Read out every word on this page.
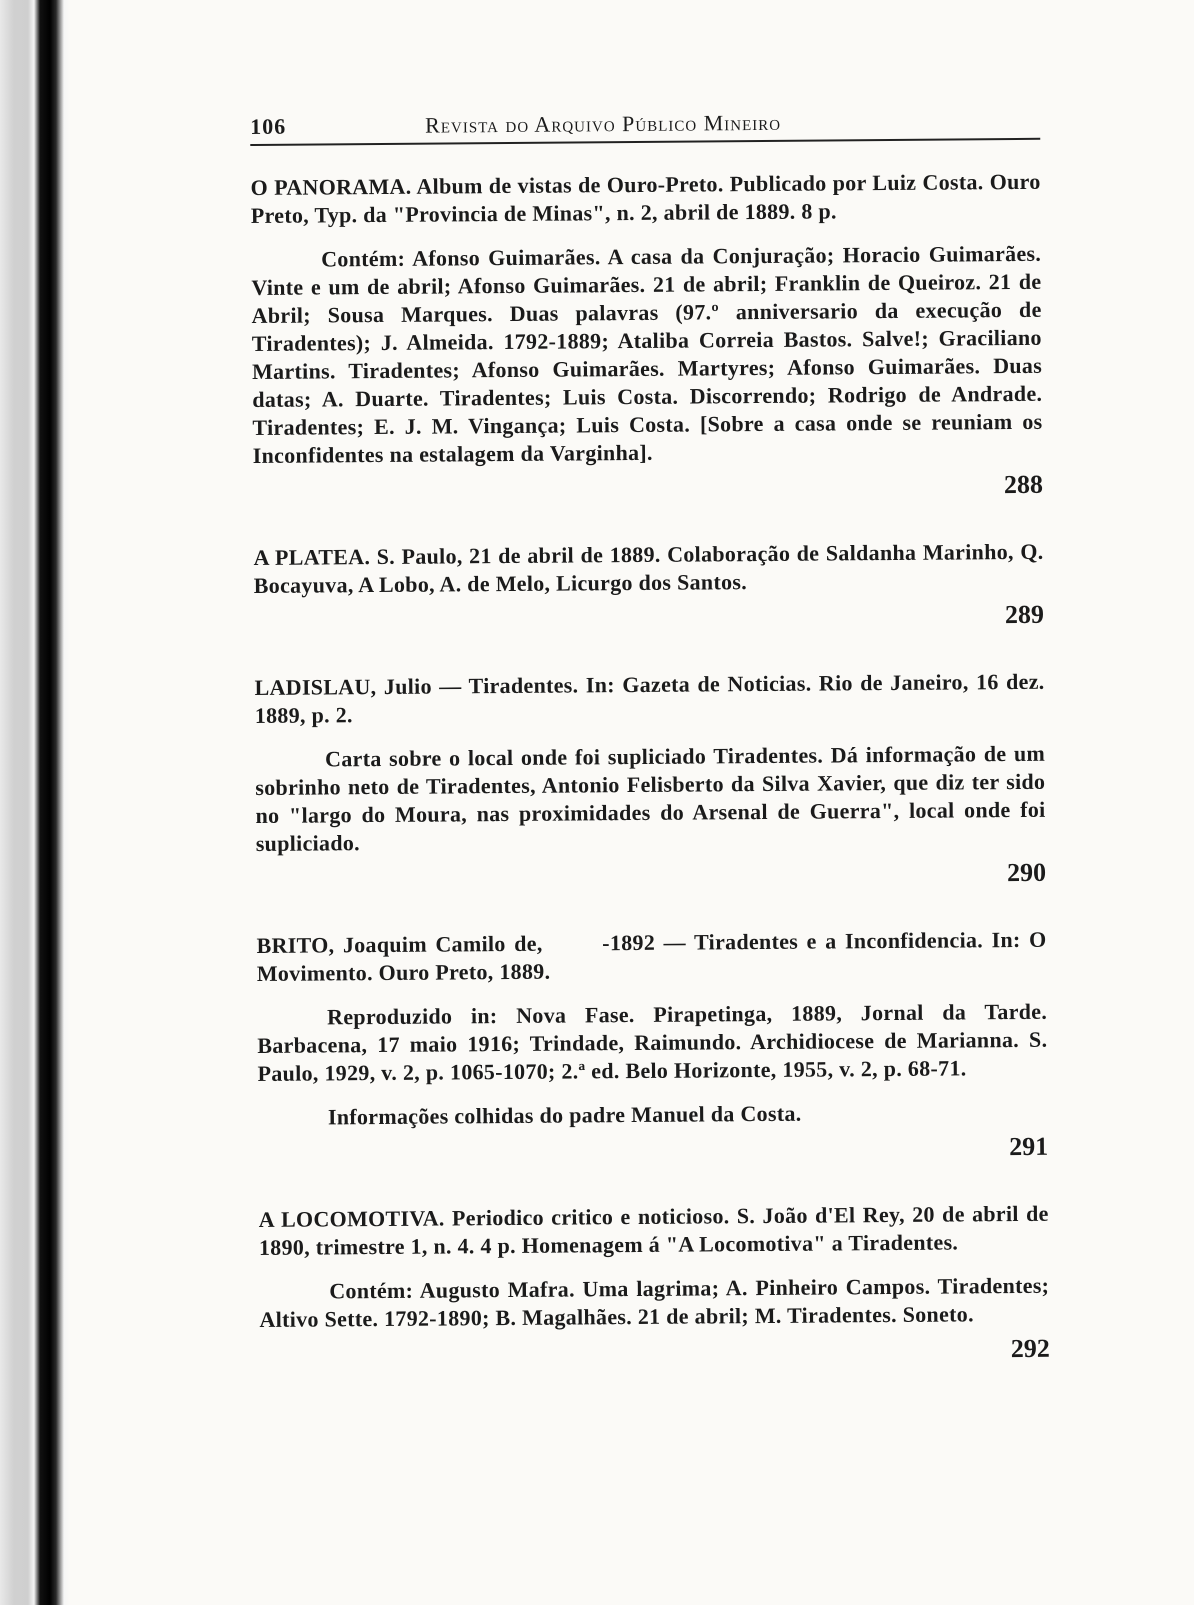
106	Revista do Arquivo Público Mineiro

O PANORAMA. Album de vistas de Ouro-Preto. Publicado por Luiz Costa. Ouro Preto, Typ. da "Provincia de Minas", n. 2, abril de 1889. 8 p.

Contém: Afonso Guimarães. A casa da Conjuração; Horacio Guimarães. Vinte e um de abril; Afonso Guimarães. 21 de abril; Franklin de Queiroz. 21 de Abril; Sousa Marques. Duas palavras (97.º anniversario da execução de Tiradentes); J. Almeida. 1792-1889; Ataliba Correia Bastos. Salve!; Graciliano Martins. Tiradentes; Afonso Guimarães. Martyres; Afonso Guimarães. Duas datas; A. Duarte. Tiradentes; Luis Costa. Discorrendo; Rodrigo de Andrade. Tiradentes; E. J. M. Vingança; Luis Costa. [Sobre a casa onde se reuniam os Inconfidentes na estalagem da Varginha].

288

A PLATEA. S. Paulo, 21 de abril de 1889. Colaboração de Saldanha Marinho, Q. Bocayuva, A Lobo, A. de Melo, Licurgo dos Santos.

289

LADISLAU, Julio — Tiradentes. In: Gazeta de Noticias. Rio de Janeiro, 16 dez. 1889, p. 2.

Carta sobre o local onde foi supliciado Tiradentes. Dá informação de um sobrinho neto de Tiradentes, Antonio Felisberto da Silva Xavier, que diz ter sido no "largo do Moura, nas proximidades do Arsenal de Guerra", local onde foi supliciado.

290

BRITO, Joaquim Camilo de,       -1892 — Tiradentes e a Inconfidencia. In: O Movimento. Ouro Preto, 1889.

Reproduzido in: Nova Fase. Pirapetinga, 1889, Jornal da Tarde. Barbacena, 17 maio 1916; Trindade, Raimundo. Archidiocese de Marianna. S. Paulo, 1929, v. 2, p. 1065-1070; 2.ª ed. Belo Horizonte, 1955, v. 2, p. 68-71.

Informações colhidas do padre Manuel da Costa.

291

A LOCOMOTIVA. Periodico critico e noticioso. S. João d'El Rey, 20 de abril de 1890, trimestre 1, n. 4. 4 p. Homenagem á "A Locomotiva" a Tiradentes.

Contém: Augusto Mafra. Uma lagrima; A. Pinheiro Campos. Tiradentes; Altivo Sette. 1792-1890; B. Magalhães. 21 de abril; M. Tiradentes. Soneto.

292
